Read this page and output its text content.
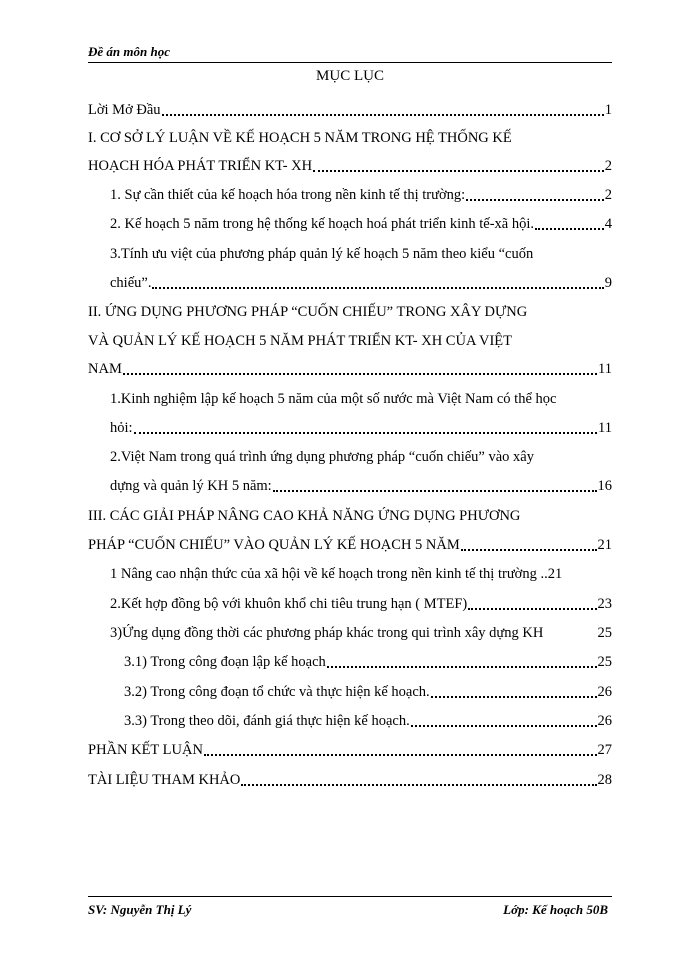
Đề án môn học
MỤC LỤC
Lời Mở Đầu	1
I. CƠ SỞ LÝ LUẬN VỀ KẾ HOẠCH 5 NĂM TRONG HỆ THỐNG KẾ
HOẠCH HÓA PHÁT TRIỂN KT- XH	2
1. Sự cần thiết của kế hoạch hóa trong nền kinh tế thị trường:	2
2. Kế hoạch 5 năm trong hệ thống kế hoạch hoá phát triển kinh tế-xã hội.	4
3.Tính ưu việt của phương pháp quản lý kế hoạch 5 năm theo kiểu “cuốn
chiếu”.	9
II. ỨNG DỤNG PHƯƠNG PHÁP “CUỐN CHIẾU” TRONG XÂY DỰNG
VÀ QUẢN LÝ KẾ HOẠCH 5 NĂM PHÁT TRIỂN KT- XH CỦA VIỆT
NAM	11
1.Kinh nghiệm lập kế hoạch 5 năm của một số nước mà Việt Nam có thể học
hỏi:	11
2.Việt Nam trong quá trình ứng dụng phương pháp “cuốn chiếu” vào xây
dựng và quản lý KH 5 năm:	16
III. CÁC GIẢI PHÁP NÂNG CAO KHẢ NĂNG ỨNG DỤNG PHƯƠNG
PHÁP “CUỐN CHIẾU” VÀO QUẢN LÝ KẾ HOẠCH 5 NĂM	21
1 Nâng cao nhận thức của xã hội về kế hoạch trong nền kinh tế thị trường .. 21
2.Kết hợp đồng bộ với khuôn khổ chi tiêu trung hạn ( MTEF)	23
3)Ứng dụng đồng thời các phương pháp khác trong qui trình xây dựng KH	25
3.1) Trong công đoạn lập kế hoạch	25
3.2) Trong công đoạn tổ chức và thực hiện kế hoạch.	26
3.3) Trong theo dõi, đánh giá thực hiện kế hoạch.	26
PHẦN KẾT LUẬN	27
TÀI LIỆU THAM KHẢO	28
SV: Nguyễn Thị Lý	Lớp: Kế hoạch 50B
